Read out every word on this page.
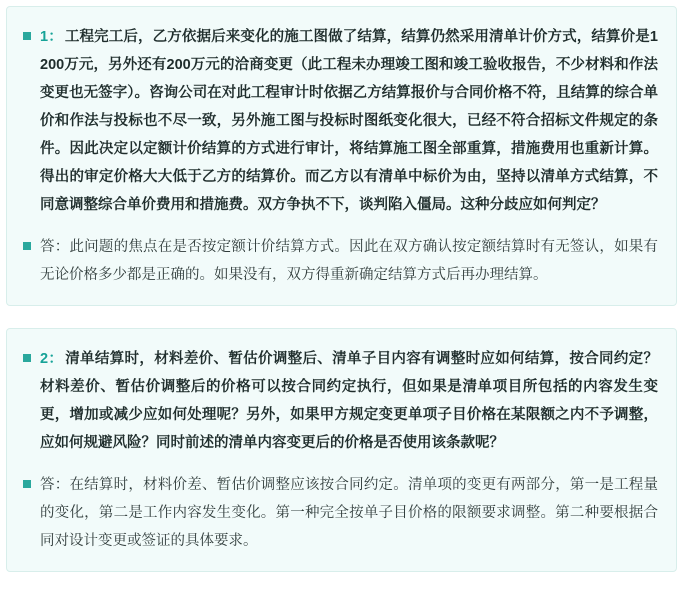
1： 工程完工后，乙方依据后来变化的施工图做了结算，结算仍然采用清单计价方式，结算价是1200万元，另外还有200万元的洽商变更（此工程未办理竣工图和竣工验收报告，不少材料和作法变更也无签字）。咨询公司在对此工程审计时依据乙方结算报价与合同价格不符，且结算的综合单价和作法与投标也不尽一致，另外施工图与投标时图纸变化很大，已经不符合招标文件规定的条件。因此决定以定额计价结算的方式进行审计，将结算施工图全部重算，措施费用也重新计算。得出的审定价格大大低于乙方的结算价。而乙方以有清单中标价为由，坚持以清单方式结算，不同意调整综合单价费用和措施费。双方争执不下，谈判陷入僵局。这种分歧应如何判定？
答：此问题的焦点在是否按定额计价结算方式。因此在双方确认按定额结算时有无签认，如果有无论价格多少都是正确的。如果没有，双方得重新确定结算方式后再办理结算。
2： 清单结算时，材料差价、暂估价调整后、清单子目内容有调整时应如何结算，按合同约定？材料差价、暂估价调整后的价格可以按合同约定执行，但如果是清单项目所包括的内容发生变更，增加或减少应如何处理呢？另外，如果甲方规定变更单项子目价格在某限额之内不予调整，应如何规避风险？同时前述的清单内容变更后的价格是否使用该条款呢？
答：在结算时，材料价差、暂估价调整应该按合同约定。清单项的变更有两部分，第一是工程量的变化，第二是工作内容发生变化。第一种完全按单子目价格的限额要求调整。第二种要根据合同对设计变更或签证的具体要求。
